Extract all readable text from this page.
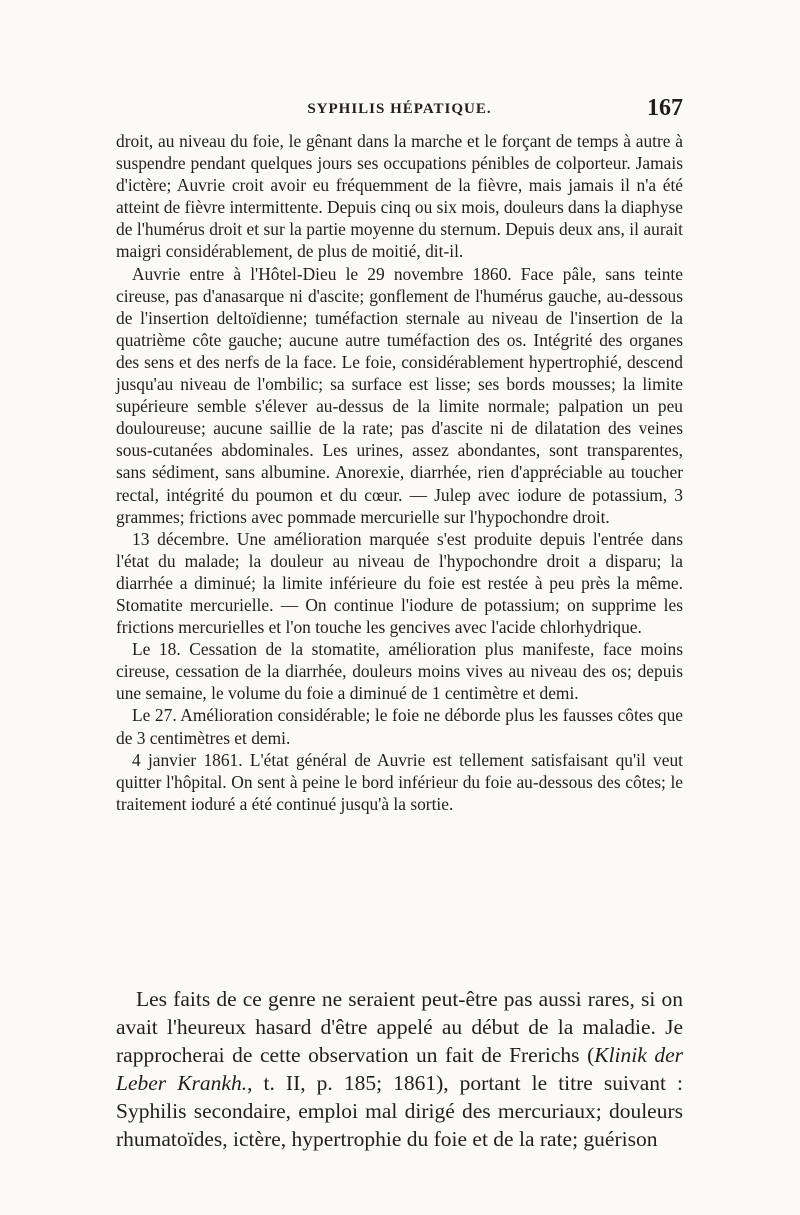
SYPHILIS HÉPATIQUE.	167

droit, au niveau du foie, le gênant dans la marche et le forçant de temps à autre à suspendre pendant quelques jours ses occupations pénibles de colporteur. Jamais d'ictère; Auvrie croit avoir eu fréquemment de la fièvre, mais jamais il n'a été atteint de fièvre intermittente. Depuis cinq ou six mois, douleurs dans la diaphyse de l'humérus droit et sur la partie moyenne du sternum. Depuis deux ans, il aurait maigri considérablement, de plus de moitié, dit-il.

Auvrie entre à l'Hôtel-Dieu le 29 novembre 1860. Face pâle, sans teinte cireuse, pas d'anasarque ni d'ascite; gonflement de l'humérus gauche, au-dessous de l'insertion deltoïdienne; tuméfaction sternale au niveau de l'insertion de la quatrième côte gauche; aucune autre tuméfaction des os. Intégrité des organes des sens et des nerfs de la face. Le foie, considérablement hypertrophié, descend jusqu'au niveau de l'ombilic; sa surface est lisse; ses bords mousses; la limite supérieure semble s'élever au-dessus de la limite normale; palpation un peu douloureuse; aucune saillie de la rate; pas d'ascite ni de dilatation des veines sous-cutanées abdominales. Les urines, assez abondantes, sont transparentes, sans sédiment, sans albumine. Anorexie, diarrhée, rien d'appréciable au toucher rectal, intégrité du poumon et du cœur. — Julep avec iodure de potassium, 3 grammes; frictions avec pommade mercurielle sur l'hypochondre droit.

13 décembre. Une amélioration marquée s'est produite depuis l'entrée dans l'état du malade; la douleur au niveau de l'hypochondre droit a disparu; la diarrhée a diminué; la limite inférieure du foie est restée à peu près la même. Stomatite mercurielle. — On continue l'iodure de potassium; on supprime les frictions mercurielles et l'on touche les gencives avec l'acide chlorhydrique.

Le 18. Cessation de la stomatite, amélioration plus manifeste, face moins cireuse, cessation de la diarrhée, douleurs moins vives au niveau des os; depuis une semaine, le volume du foie a diminué de 1 centimètre et demi.

Le 27. Amélioration considérable; le foie ne déborde plus les fausses côtes que de 3 centimètres et demi.

4 janvier 1861. L'état général de Auvrie est tellement satisfaisant qu'il veut quitter l'hôpital. On sent à peine le bord inférieur du foie au-dessous des côtes; le traitement ioduré a été continué jusqu'à la sortie.

Les faits de ce genre ne seraient peut-être pas aussi rares, si on avait l'heureux hasard d'être appelé au début de la maladie. Je rapprocherai de cette observation un fait de Frerichs (Klinik der Leber Krankh., t. II, p. 185; 1861), portant le titre suivant : Syphilis secondaire, emploi mal dirigé des mercuriaux; douleurs rhumatoïdes, ictère, hypertrophie du foie et de la rate; guérison
